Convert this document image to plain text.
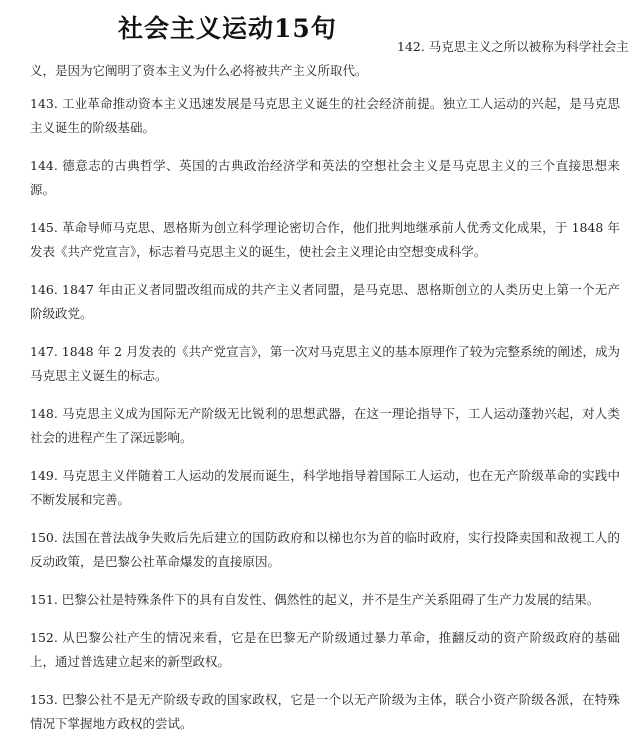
社会主义运动15句
142. 马克思主义之所以被称为科学社会主
义，是因为它阐明了资本主义为什么必将被共产主义所取代。

143. 工业革命推动资本主义迅速发展是马克思主义诞生的社会经济前提。独立工人运动的兴起，是马克思主义诞生的阶级基础。

144. 德意志的古典哲学、英国的古典政治经济学和英法的空想社会主义是马克思主义的三个直接思想来源。

145. 革命导师马克思、恩格斯为创立科学理论密切合作，他们批判地继承前人优秀文化成果，于 1848 年发表《共产党宣言》，标志着马克思主义的诞生，使社会主义理论由空想变成科学。

146. 1847 年由正义者同盟改组而成的共产主义者同盟，是马克思、恩格斯创立的人类历史上第一个无产阶级政党。

147. 1848 年 2 月发表的《共产党宣言》，第一次对马克思主义的基本原理作了较为完整系统的阐述，成为马克思主义诞生的标志。

148. 马克思主义成为国际无产阶级无比锐利的思想武器，在这一理论指导下，工人运动蓬勃兴起，对人类社会的进程产生了深远影响。

149. 马克思主义伴随着工人运动的发展而诞生，科学地指导着国际工人运动，也在无产阶级革命的实践中不断发展和完善。

150. 法国在普法战争失败后先后建立的国防政府和以梯也尔为首的临时政府，实行投降卖国和敌视工人的反动政策，是巴黎公社革命爆发的直接原因。

151. 巴黎公社是特殊条件下的具有自发性、偶然性的起义，并不是生产关系阻碍了生产力发展的结果。

152. 从巴黎公社产生的情况来看，它是在巴黎无产阶级通过暴力革命，推翻反动的资产阶级政府的基础上，通过普选建立起来的新型政权。

153. 巴黎公社不是无产阶级专政的国家政权，它是一个以无产阶级为主体，联合小资产阶级各派，在特殊情况下掌握地方政权的尝试。
